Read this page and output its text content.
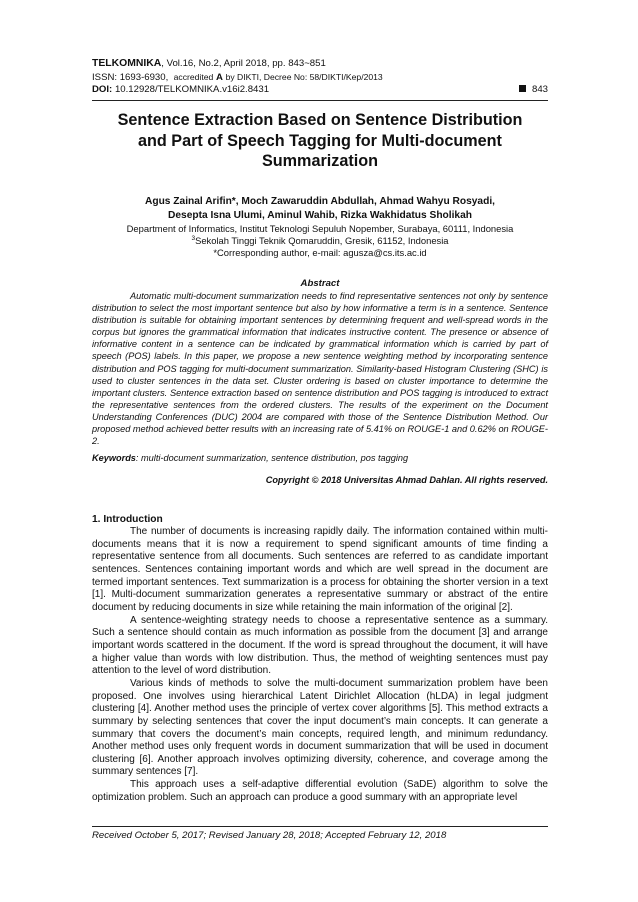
TELKOMNIKA, Vol.16, No.2, April 2018, pp. 843~851
ISSN: 1693-6930, accredited A by DIKTI, Decree No: 58/DIKTI/Kep/2013
DOI: 10.12928/TELKOMNIKA.v16i2.8431	843
Sentence Extraction Based on Sentence Distribution
and Part of Speech Tagging for Multi-document
Summarization
Agus Zainal Arifin*, Moch Zawaruddin Abdullah, Ahmad Wahyu Rosyadi,
Desepta Isna Ulumi, Aminul Wahib, Rizka Wakhidatus Sholikah
Department of Informatics, Institut Teknologi Sepuluh Nopember, Surabaya, 60111, Indonesia
$^3$Sekolah Tinggi Teknik Qomaruddin, Gresik, 61152, Indonesia
*Corresponding author, e-mail: agusza@cs.its.ac.id
Abstract
Automatic multi-document summarization needs to find representative sentences not only by sentence distribution to select the most important sentence but also by how informative a term is in a sentence. Sentence distribution is suitable for obtaining important sentences by determining frequent and well-spread words in the corpus but ignores the grammatical information that indicates instructive content. The presence or absence of informative content in a sentence can be indicated by grammatical information which is carried by part of speech (POS) labels. In this paper, we propose a new sentence weighting method by incorporating sentence distribution and POS tagging for multi-document summarization. Similarity-based Histogram Clustering (SHC) is used to cluster sentences in the data set. Cluster ordering is based on cluster importance to determine the important clusters. Sentence extraction based on sentence distribution and POS tagging is introduced to extract the representative sentences from the ordered clusters. The results of the experiment on the Document Understanding Conferences (DUC) 2004 are compared with those of the Sentence Distribution Method. Our proposed method achieved better results with an increasing rate of 5.41% on ROUGE-1 and 0.62% on ROUGE-2.
Keywords: multi-document summarization, sentence distribution, pos tagging
Copyright © 2018 Universitas Ahmad Dahlan. All rights reserved.
1. Introduction

The number of documents is increasing rapidly daily. The information contained within multi-documents means that it is now a requirement to spend significant amounts of time finding a representative sentence from all documents. Such sentences are referred to as candidate important sentences. Sentences containing important words and which are well spread in the document are termed important sentences. Text summarization is a process for obtaining the shorter version in a text [1]. Multi-document summarization generates a representative summary or abstract of the entire document by reducing documents in size while retaining the main information of the original [2].

A sentence-weighting strategy needs to choose a representative sentence as a summary. Such a sentence should contain as much information as possible from the document [3] and arrange important words scattered in the document. If the word is spread throughout the document, it will have a higher value than words with low distribution. Thus, the method of weighting sentences must pay attention to the level of word distribution.

Various kinds of methods to solve the multi-document summarization problem have been proposed. One involves using hierarchical Latent Dirichlet Allocation (hLDA) in legal judgment clustering [4]. Another method uses the principle of vertex cover algorithms [5]. This method extracts a summary by selecting sentences that cover the input document’s main concepts. It can generate a summary that covers the document’s main concepts, required length, and minimum redundancy. Another method uses only frequent words in document summarization that will be used in document clustering [6]. Another approach involves optimizing diversity, coherence, and coverage among the summary sentences [7].

This approach uses a self-adaptive differential evolution (SaDE) algorithm to solve the optimization problem. Such an approach can produce a good summary with an appropriate level

Received October 5, 2017; Revised January 28, 2018; Accepted February 12, 2018
